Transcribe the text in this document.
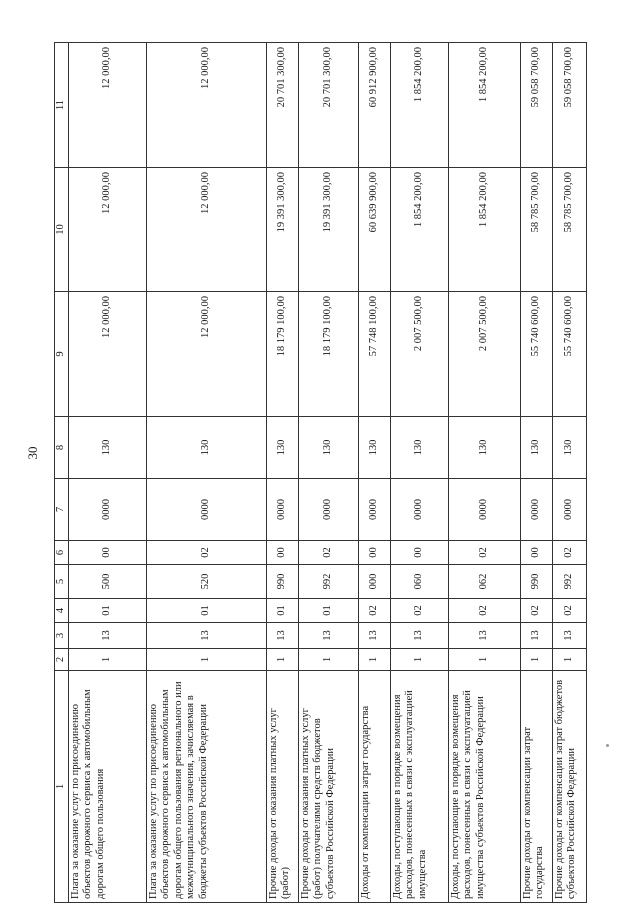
30
1	2	3	4	5	6	7	8	9	10	11
Плата за оказание услуг по присоединению объектов дорожного сервиса к автомобильным дорогам общего пользования	1	13	01	500	00	0000	130	12 000,00	12 000,00	12 000,00
Плата за оказание услуг по присоединению объектов дорожного сервиса к автомобильным дорогам общего пользования регионального или межмуниципального значения, зачисляемая в бюджеты субъектов Российской Федерации	1	13	01	520	02	0000	130	12 000,00	12 000,00	12 000,00
Прочие доходы от оказания платных услуг (работ)	1	13	01	990	00	0000	130	18 179 100,00	19 391 300,00	20 701 300,00
Прочие доходы от оказания платных услуг (работ) получателями средств бюджетов субъектов Российской Федерации	1	13	01	992	02	0000	130	18 179 100,00	19 391 300,00	20 701 300,00
Доходы от компенсации затрат государства	1	13	02	000	00	0000	130	57 748 100,00	60 639 900,00	60 912 900,00
Доходы, поступающие в порядке возмещения расходов, понесенных в связи с эксплуатацией имущества	1	13	02	060	00	0000	130	2 007 500,00	1 854 200,00	1 854 200,00
Доходы, поступающие в порядке возмещения расходов, понесенных в связи с эксплуатацией имущества субъектов Российской Федерации	1	13	02	062	02	0000	130	2 007 500,00	1 854 200,00	1 854 200,00
Прочие доходы от компенсации затрат государства	1	13	02	990	00	0000	130	55 740 600,00	58 785 700,00	59 058 700,00
Прочие доходы от компенсации затрат бюджетов субъектов Российской Федерации	1	13	02	992	02	0000	130	55 740 600,00	58 785 700,00	59 058 700,00
